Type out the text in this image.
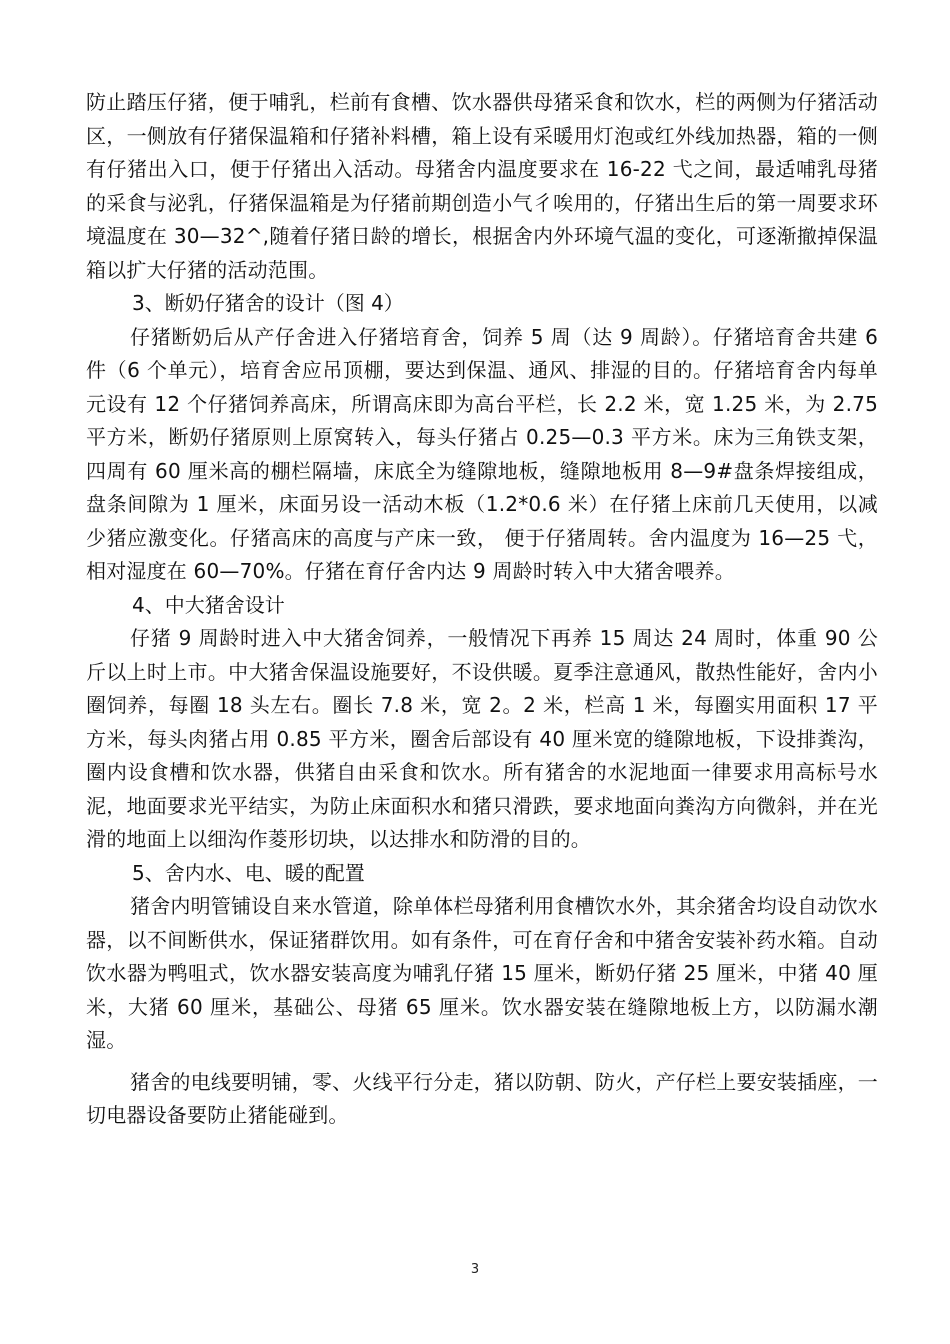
防止踏压仔猪，便于哺乳，栏前有食槽、饮水器供母猪采食和饮水，栏的两侧为仔猪活动区，一侧放有仔猪保温箱和仔猪补料槽，箱上设有采暖用灯泡或红外线加热器，箱的一侧有仔猪出入口，便于仔猪出入活动。母猪舍内温度要求在 16-22 弋之间，最适哺乳母猪的采食与泌乳，仔猪保温箱是为仔猪前期创造小气彳唉用的，仔猪出生后的第一周要求环境温度在 30—32^,随着仔猪日龄的增长，根据舍内外环境气温的变化，可逐渐撤掉保温箱以扩大仔猪的活动范围。

3、断奶仔猪舍的设计（图 4）

仔猪断奶后从产仔舍进入仔猪培育舍，饲养 5 周（达 9 周龄）。仔猪培育舍共建 6 件（6 个单元），培育舍应吊顶棚，要达到保温、通风、排湿的目的。仔猪培育舍内每单元设有 12 个仔猪饲养高床，所谓高床即为高台平栏，长 2.2 米，宽 1.25 米，为 2.75 平方米，断奶仔猪原则上原窝转入，每头仔猪占 0.25—0.3 平方米。床为三角铁支架，四周有 60 厘米高的棚栏隔墙，床底全为缝隙地板，缝隙地板用 8—9#盘条焊接组成，盘条间隙为 1 厘米，床面另设一活动木板（1.2*0.6 米）在仔猪上床前几天使用，以减少猪应激变化。仔猪高床的高度与产床一致， 便于仔猪周转。舍内温度为 16—25 弋，相对湿度在 60—70%。仔猪在育仔舍内达 9 周龄时转入中大猪舍喂养。

4、中大猪舍设计

仔猪 9 周龄时进入中大猪舍饲养，一般情况下再养 15 周达 24 周时，体重 90 公斤以上时上市。中大猪舍保温设施要好，不设供暖。夏季注意通风，散热性能好，舍内小圈饲养，每圈 18 头左右。圈长 7.8 米，宽 2。2 米，栏高 1 米，每圈实用面积 17 平方米，每头肉猪占用 0.85 平方米，圈舍后部设有 40 厘米宽的缝隙地板，下设排粪沟，圈内设食槽和饮水器，供猪自由采食和饮水。所有猪舍的水泥地面一律要求用高标号水泥，地面要求光平结实，为防止床面积水和猪只滑跌，要求地面向粪沟方向微斜，并在光滑的地面上以细沟作菱形切块，以达排水和防滑的目的。

5、舍内水、电、暖的配置

猪舍内明管铺设自来水管道，除单体栏母猪利用食槽饮水外，其余猪舍均设自动饮水器，以不间断供水，保证猪群饮用。如有条件，可在育仔舍和中猪舍安装补药水箱。自动饮水器为鸭咀式，饮水器安装高度为哺乳仔猪 15 厘米，断奶仔猪 25 厘米，中猪 40 厘米，大猪 60 厘米，基础公、母猪 65 厘米。饮水器安装在缝隙地板上方，以防漏水潮湿。

猪舍的电线要明铺，零、火线平行分走，猪以防朝、防火，产仔栏上要安装插座，一切电器设备要防止猪能碰到。

3
